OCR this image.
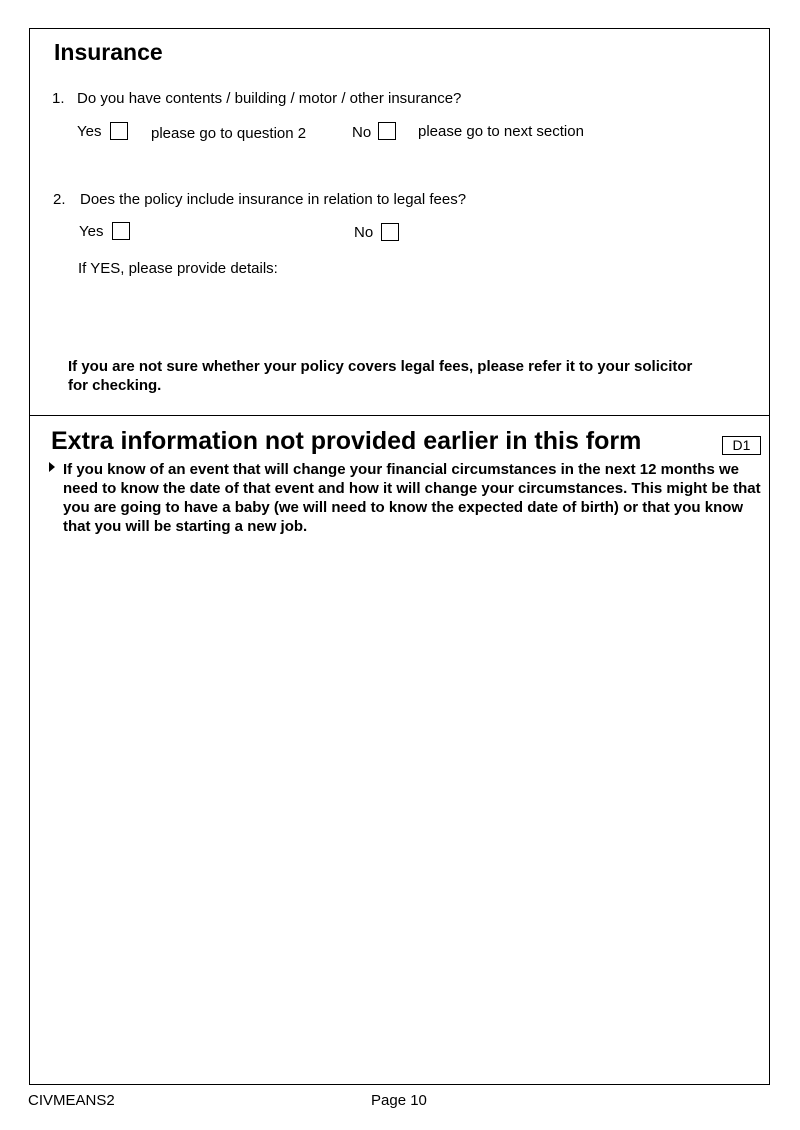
Insurance
1. Do you have contents / building / motor / other insurance?
Yes	please go to question 2	No	please go to next section
2. Does the policy include insurance in relation to legal fees?
Yes	No
If YES, please provide details:
If you are not sure whether your policy covers legal fees, please refer it to your solicitor for checking.
Extra information not provided earlier in this form	D1
If you know of an event that will change your financial circumstances in the next 12 months we need to know the date of that event and how it will change your circumstances. This might be that you are going to have a baby (we will need to know the expected date of birth) or that you know that you will be starting a new job.
CIVMEANS2	Page 10
